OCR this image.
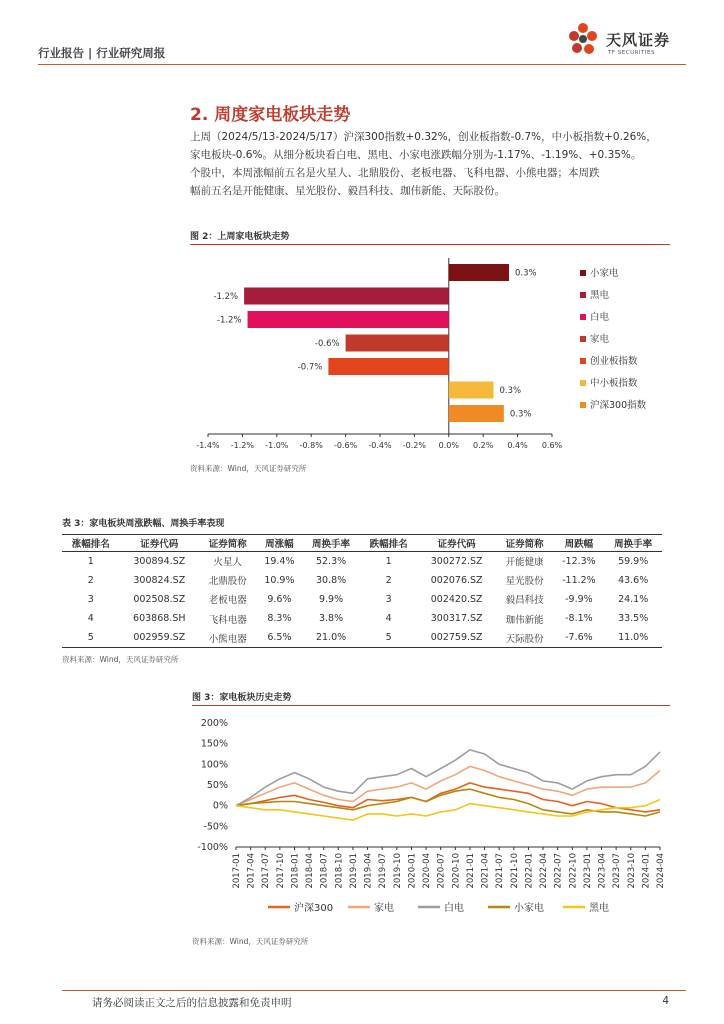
行业报告 | 行业研究周报
天风证券
TF SECURITIES
2. 周度家电板块走势
上周（2024/5/13-2024/5/17）沪深300指数+0.32%，创业板指数-0.7%，中小板指数+0.26%，
家电板块-0.6%。从细分板块看白电、黑电、小家电涨跌幅分别为-1.17%、-1.19%、+0.35%。
个股中，本周涨幅前五名是火星人、北鼎股份、老板电器、飞科电器、小熊电器；本周跌
幅前五名是开能健康、星光股份、毅昌科技、珈伟新能、天际股份。
图 2：上周家电板块走势
-1.4% -1.2% -1.0% -0.8% -0.6% -0.4% -0.2% 0.0% 0.2% 0.4% 0.6%
0.3%	小家电
-1.2%	黑电
-1.2%	白电
-0.6%	家电
-0.7%
创业板指数
0.3%
中小板指数
0.3%
沪深300指数
资料来源：Wind，天风证券研究所
表 3：家电板块周涨跌幅、周换手率表现
涨幅排名	证券代码	证券简称	周涨幅	周换手率	跌幅排名	证券代码	证券简称	周跌幅	周换手率
1	300894.SZ	火星人	19.4%	52.3%	1	300272.SZ	开能健康	-12.3%	59.9%
2	300824.SZ	北鼎股份	10.9%	30.8%	2	002076.SZ	星光股份	-11.2%	43.6%
3	002508.SZ	老板电器	9.6%	9.9%	3	002420.SZ	毅昌科技	-9.9%	24.1%
4	603868.SH	飞科电器	8.3%	3.8%	4	300317.SZ	珈伟新能	-8.1%	33.5%
5	002959.SZ	小熊电器	6.5%	21.0%	5	002759.SZ	天际股份	-7.6%	11.0%
资料来源：Wind，天风证券研究所
图 3：家电板块历史走势
200%
150%
100%
50%
0%
-50%
-100%
2017-01 2017-04 2017-07 2017-10 2018-01 2018-04 2018-07 2018-10 2019-01 2019-04 2019-07 2019-10 2020-01 2020-04 2020-07 2020-10 2021-01 2021-04 2021-07 2021-10 2022-01 2022-04 2022-07 2022-10 2023-01 2023-04 2023-07 2023-10 2024-01 2024-04
沪深300	家电	白电	小家电	黑电
资料来源：Wind，天风证券研究所
请务必阅读正文之后的信息披露和免责申明	4
